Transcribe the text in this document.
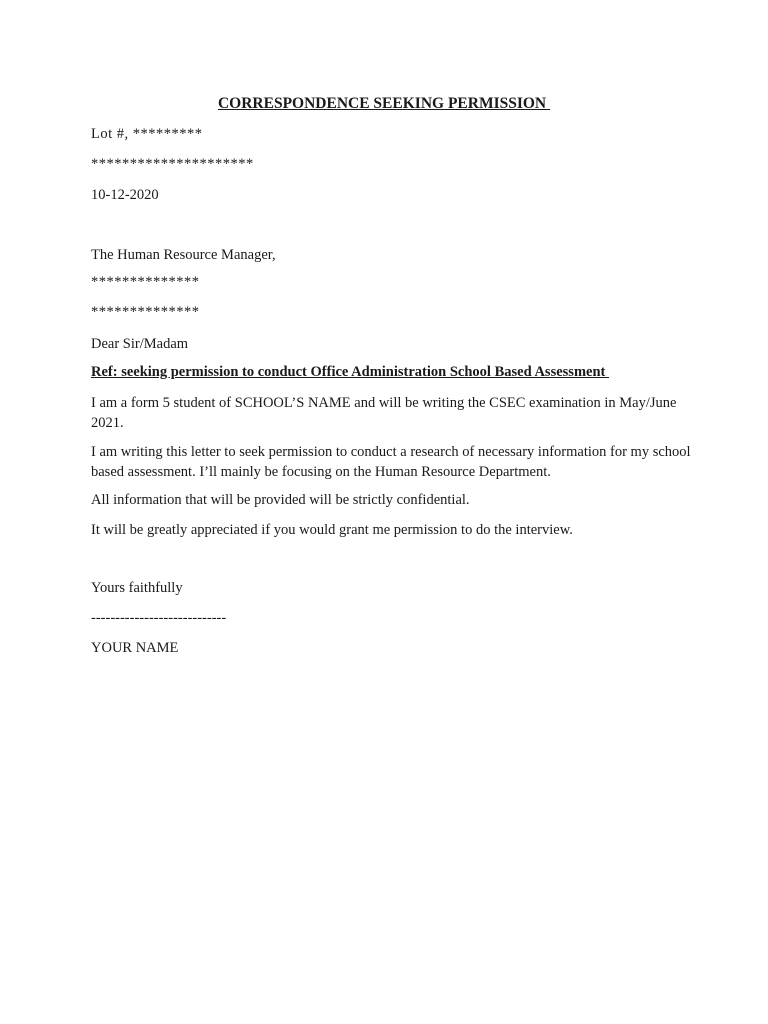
CORRESPONDENCE SEEKING PERMISSION
Lot #, *********
*********************
10-12-2020
The Human Resource Manager,
**************
**************
Dear Sir/Madam
Ref: seeking permission to conduct Office Administration School Based Assessment
I am a form 5 student of SCHOOL’S NAME and will be writing the CSEC examination in May/June 2021.
I am writing this letter to seek permission to conduct a research of necessary information for my school based assessment. I’ll mainly be focusing on the Human Resource Department.
All information that will be provided will be strictly confidential.
It will be greatly appreciated if you would grant me permission to do the interview.
Yours faithfully
----------------------------
YOUR NAME
